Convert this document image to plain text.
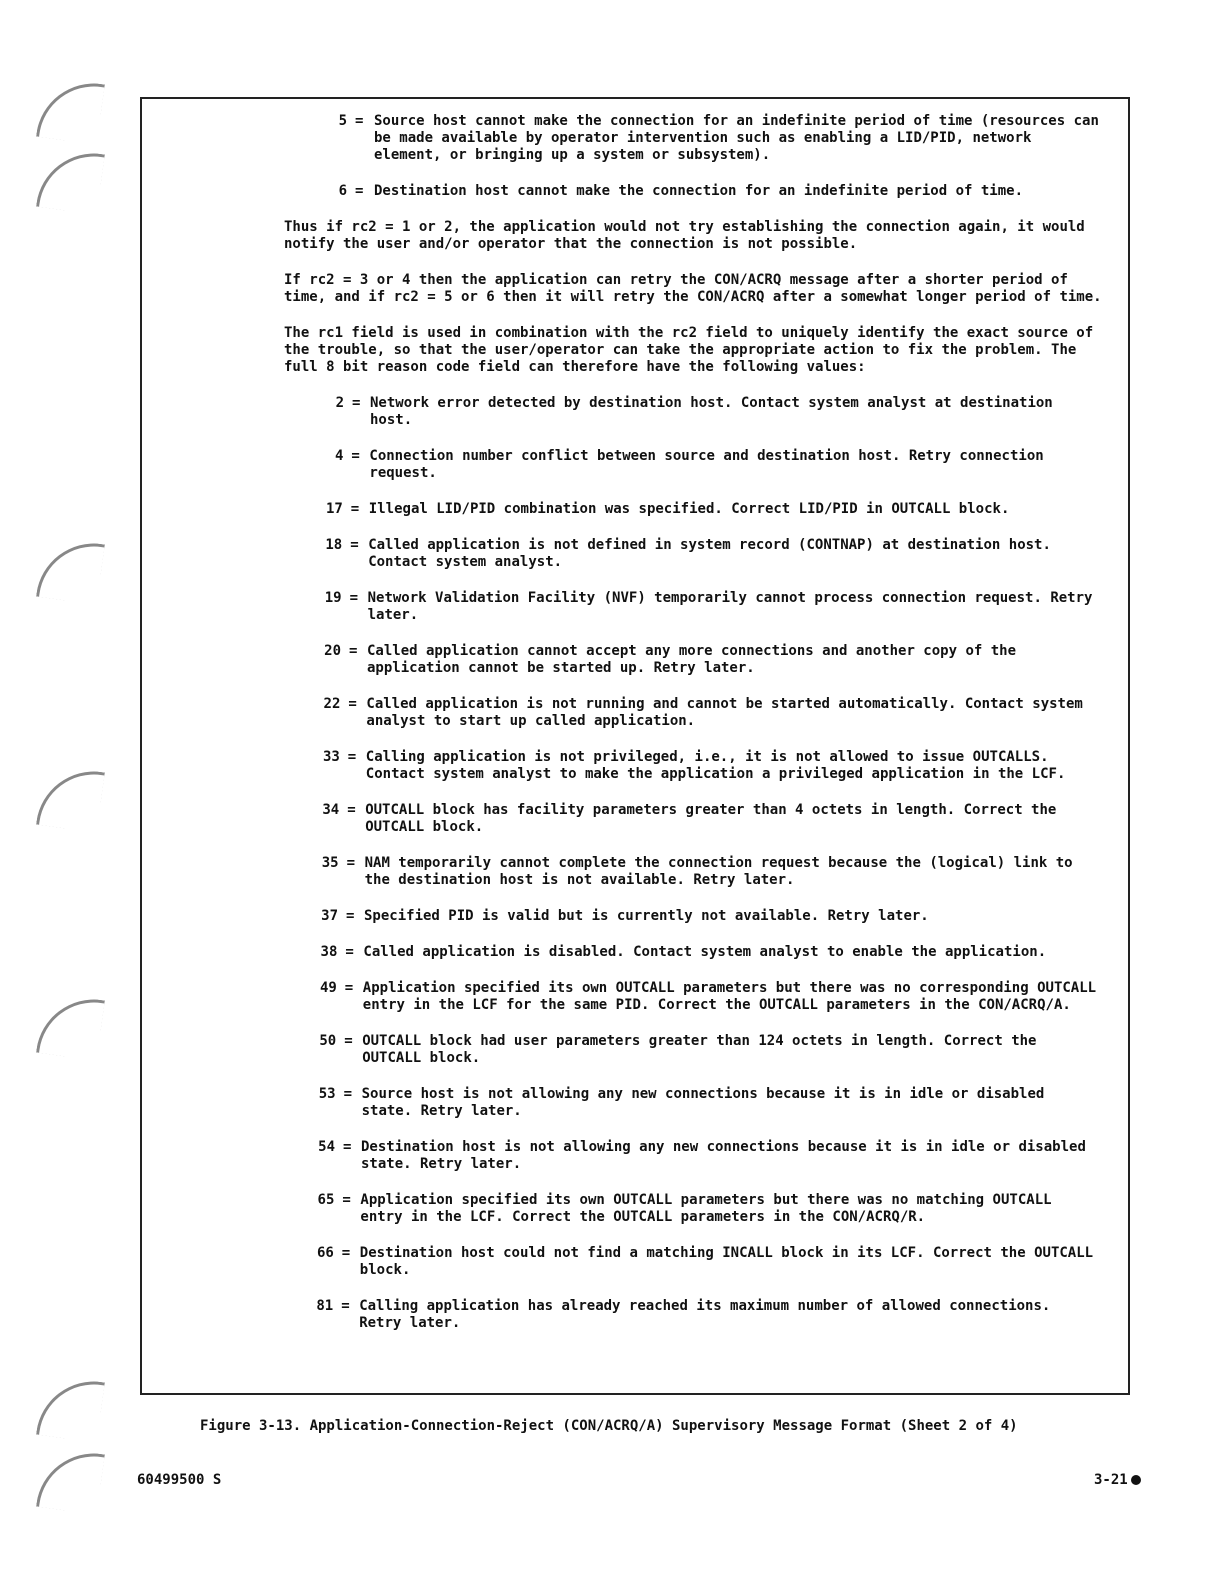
5 = Source host cannot make the connection for an indefinite period of time (resources can be made available by operator intervention such as enabling a LID/PID, network element, or bringing up a system or subsystem).
6 = Destination host cannot make the connection for an indefinite period of time.
Thus if rc2 = 1 or 2, the application would not try establishing the connection again, it would notify the user and/or operator that the connection is not possible.
If rc2 = 3 or 4 then the application can retry the CON/ACRQ message after a shorter period of time, and if rc2 = 5 or 6 then it will retry the CON/ACRQ after a somewhat longer period of time.
The rc1 field is used in combination with the rc2 field to uniquely identify the exact source of the trouble, so that the user/operator can take the appropriate action to fix the problem. The full 8 bit reason code field can therefore have the following values:
2 = Network error detected by destination host. Contact system analyst at destination host.
4 = Connection number conflict between source and destination host. Retry connection request.
17 = Illegal LID/PID combination was specified. Correct LID/PID in OUTCALL block.
18 = Called application is not defined in system record (CONTNAP) at destination host. Contact system analyst.
19 = Network Validation Facility (NVF) temporarily cannot process connection request. Retry later.
20 = Called application cannot accept any more connections and another copy of the application cannot be started up. Retry later.
22 = Called application is not running and cannot be started automatically. Contact system analyst to start up called application.
33 = Calling application is not privileged, i.e., it is not allowed to issue OUTCALLS. Contact system analyst to make the application a privileged application in the LCF.
34 = OUTCALL block has facility parameters greater than 4 octets in length. Correct the OUTCALL block.
35 = NAM temporarily cannot complete the connection request because the (logical) link to the destination host is not available. Retry later.
37 = Specified PID is valid but is currently not available. Retry later.
38 = Called application is disabled. Contact system analyst to enable the application.
49 = Application specified its own OUTCALL parameters but there was no corresponding OUTCALL entry in the LCF for the same PID. Correct the OUTCALL parameters in the CON/ACRQ/A.
50 = OUTCALL block had user parameters greater than 124 octets in length. Correct the OUTCALL block.
53 = Source host is not allowing any new connections because it is in idle or disabled state. Retry later.
54 = Destination host is not allowing any new connections because it is in idle or disabled state. Retry later.
65 = Application specified its own OUTCALL parameters but there was no matching OUTCALL entry in the LCF. Correct the OUTCALL parameters in the CON/ACRQ/R.
66 = Destination host could not find a matching INCALL block in its LCF. Correct the OUTCALL block.
81 = Calling application has already reached its maximum number of allowed connections. Retry later.
Figure 3-13. Application-Connection-Reject (CON/ACRQ/A) Supervisory Message Format (Sheet 2 of 4)
60499500 S	3-21
